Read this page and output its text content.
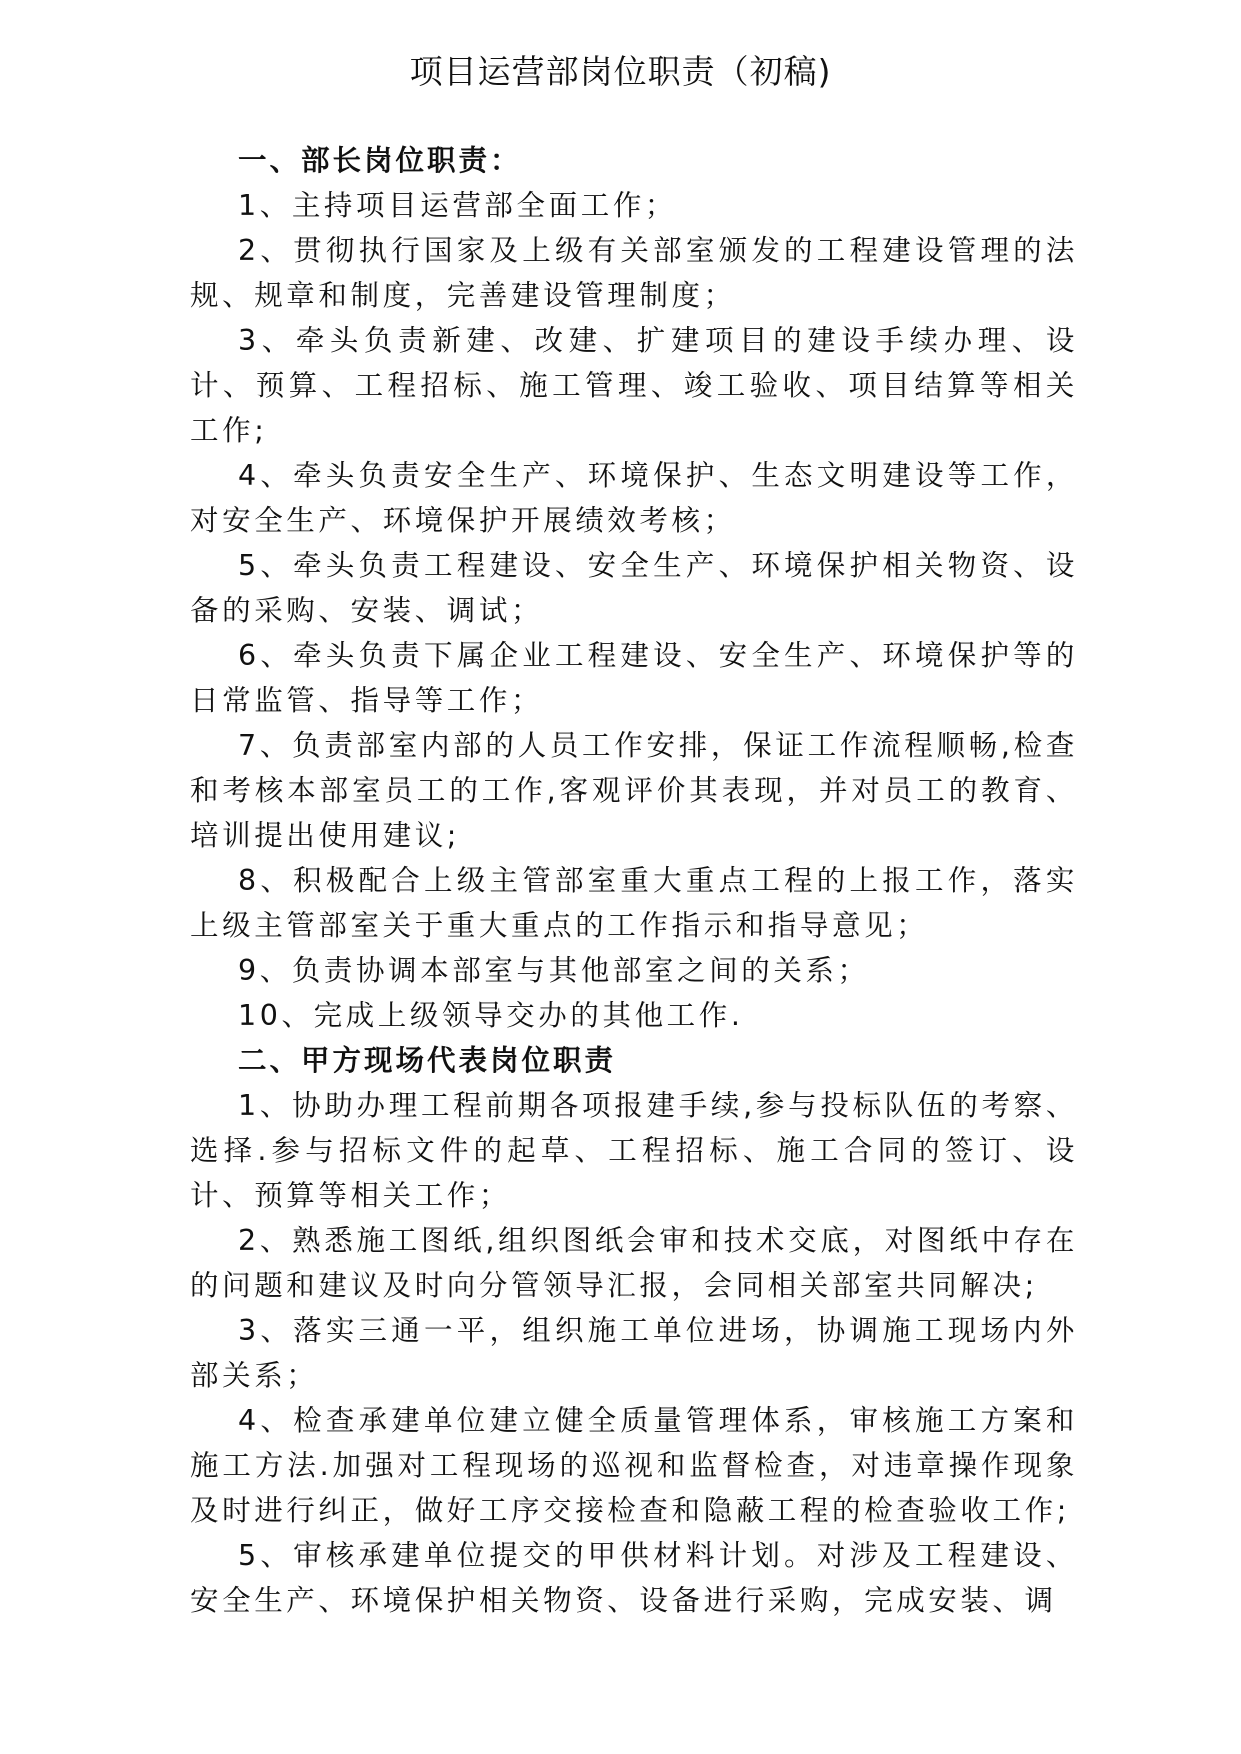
项目运营部岗位职责（初稿)

一、部长岗位职责：

1、主持项目运营部全面工作；

2、贯彻执行国家及上级有关部室颁发的工程建设管理的法规、规章和制度，完善建设管理制度；

3、牵头负责新建、改建、扩建项目的建设手续办理、设计、预算、工程招标、施工管理、竣工验收、项目结算等相关工作;

4、牵头负责安全生产、环境保护、生态文明建设等工作，对安全生产、环境保护开展绩效考核；

5、牵头负责工程建设、安全生产、环境保护相关物资、设备的采购、安装、调试；

6、牵头负责下属企业工程建设、安全生产、环境保护等的日常监管、指导等工作；

7、负责部室内部的人员工作安排，保证工作流程顺畅,检查和考核本部室员工的工作,客观评价其表现，并对员工的教育、培训提出使用建议;

8、积极配合上级主管部室重大重点工程的上报工作，落实上级主管部室关于重大重点的工作指示和指导意见；

9、负责协调本部室与其他部室之间的关系；

10、完成上级领导交办的其他工作.

二、甲方现场代表岗位职责

1、协助办理工程前期各项报建手续,参与投标队伍的考察、选择.参与招标文件的起草、工程招标、施工合同的签订、设计、预算等相关工作；

2、熟悉施工图纸,组织图纸会审和技术交底，对图纸中存在的问题和建议及时向分管领导汇报，会同相关部室共同解决;

3、落实三通一平，组织施工单位进场，协调施工现场内外部关系；

4、检查承建单位建立健全质量管理体系，审核施工方案和施工方法.加强对工程现场的巡视和监督检查，对违章操作现象及时进行纠正，做好工序交接检查和隐蔽工程的检查验收工作;

5、审核承建单位提交的甲供材料计划。对涉及工程建设、安全生产、环境保护相关物资、设备进行采购，完成安装、调
